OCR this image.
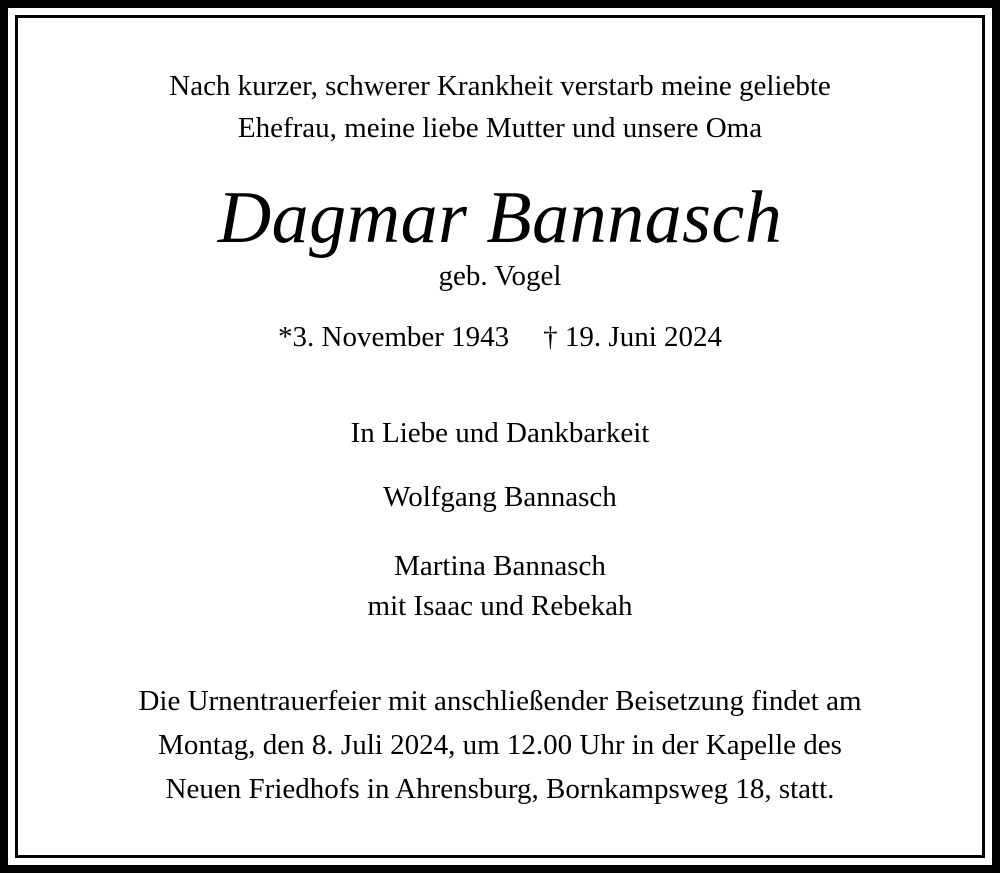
Nach kurzer, schwerer Krankheit verstarb meine geliebte
Ehefrau, meine liebe Mutter und unsere Oma
Dagmar Bannasch
geb. Vogel
*3. November 1943 † 19. Juni 2024
In Liebe und Dankbarkeit
Wolfgang Bannasch
Martina Bannasch
mit Isaac und Rebekah
Die Urnentrauerfeier mit anschließender Beisetzung findet am
Montag, den 8. Juli 2024, um 12.00 Uhr in der Kapelle des
Neuen Friedhofs in Ahrensburg, Bornkampsweg 18, statt.
